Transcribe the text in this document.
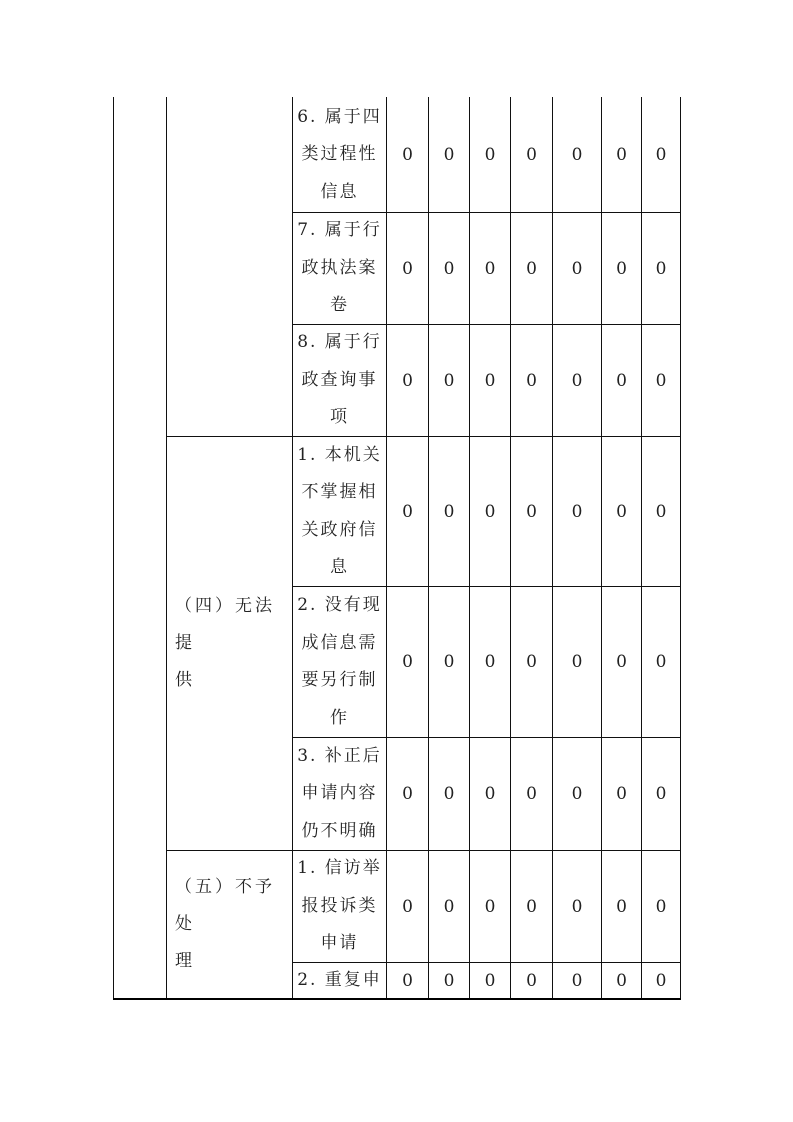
（四）无法提
供
（五）不予处
理
6. 属于四
类过程性
信息
0 0 0 0 0 0 0
7. 属于行
政执法案
卷
0 0 0 0 0 0 0
8. 属于行
政查询事
项
0 0 0 0 0 0 0
1. 本机关
不掌握相
关政府信
息
0 0 0 0 0 0 0
2. 没有现
成信息需
要另行制
作
0 0 0 0 0 0 0
3. 补正后
申请内容
仍不明确
0 0 0 0 0 0 0
1. 信访举
报投诉类
申请
0 0 0 0 0 0 0
2. 重复申 0 0 0 0 0 0 0
